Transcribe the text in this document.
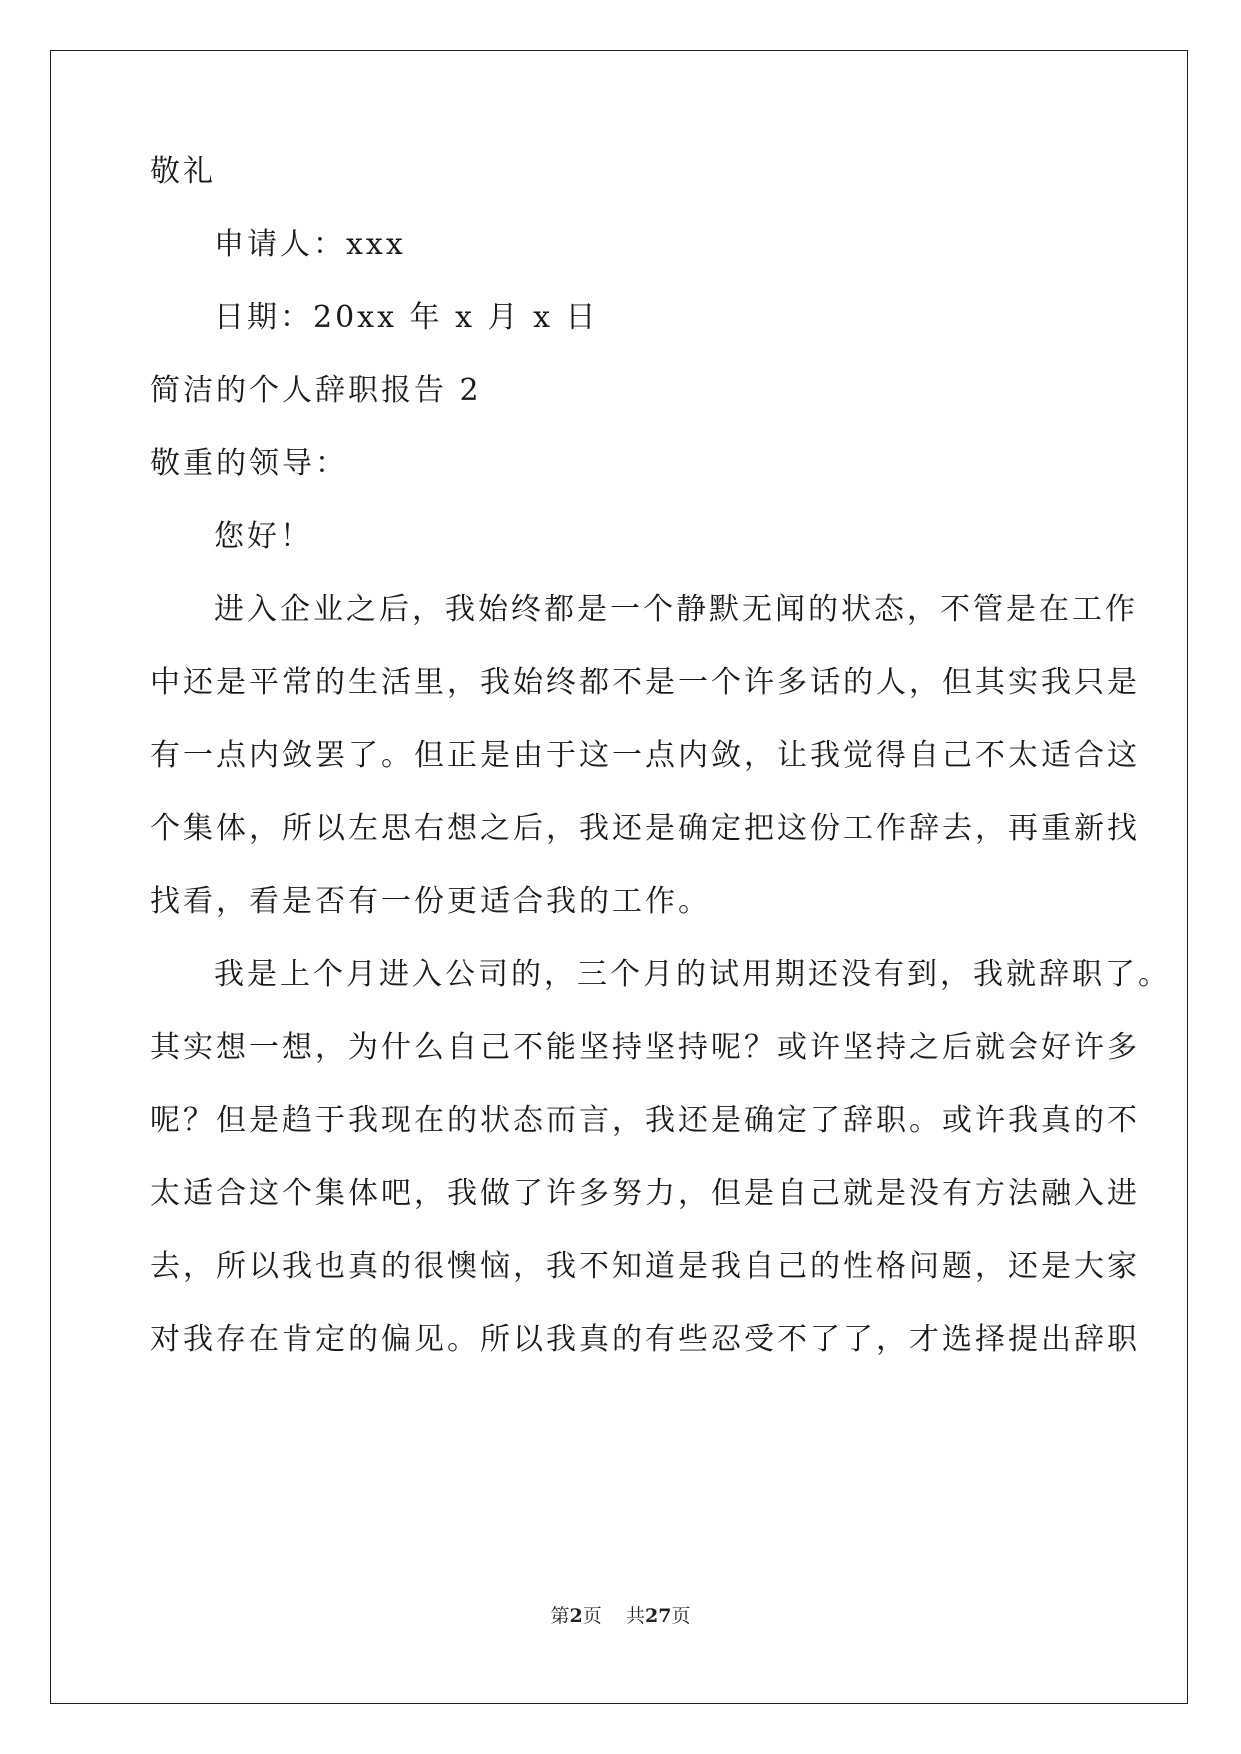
敬礼
申请人：xxx
日期：20xx 年 x 月 x 日
简洁的个人辞职报告 2
敬重的领导：
您好！
进入企业之后，我始终都是一个静默无闻的状态，不管是在工作
中还是平常的生活里，我始终都不是一个许多话的人，但其实我只是
有一点内敛罢了。但正是由于这一点内敛，让我觉得自己不太适合这
个集体，所以左思右想之后，我还是确定把这份工作辞去，再重新找
找看，看是否有一份更适合我的工作。
我是上个月进入公司的，三个月的试用期还没有到，我就辞职了。
其实想一想，为什么自己不能坚持坚持呢？或许坚持之后就会好许多
呢？但是趋于我现在的状态而言，我还是确定了辞职。或许我真的不
太适合这个集体吧，我做了许多努力，但是自己就是没有方法融入进
去，所以我也真的很懊恼，我不知道是我自己的性格问题，还是大家
对我存在肯定的偏见。所以我真的有些忍受不了了，才选择提出辞职
第2页 共27页
